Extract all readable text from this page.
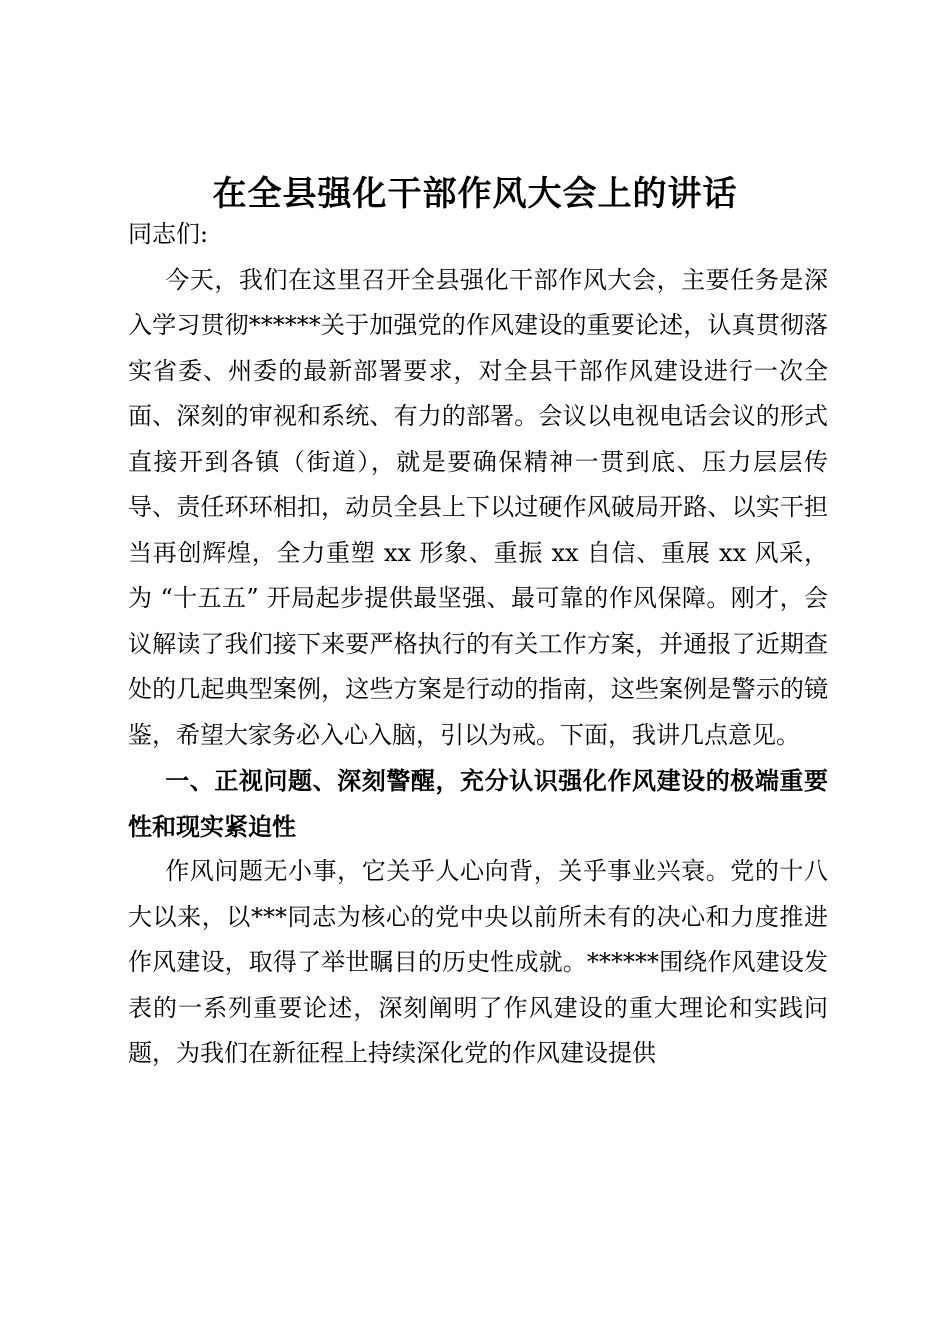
在全县强化干部作风大会上的讲话

同志们:

今天，我们在这里召开全县强化干部作风大会，主要任务是深入学习贯彻******关于加强党的作风建设的重要论述，认真贯彻落实省委、州委的最新部署要求，对全县干部作风建设进行一次全面、深刻的审视和系统、有力的部署。会议以电视电话会议的形式直接开到各镇（街道），就是要确保精神一贯到底、压力层层传导、责任环环相扣，动员全县上下以过硬作风破局开路、以实干担当再创辉煌，全力重塑 xx 形象、重振 xx 自信、重展 xx 风采，为 “十五五” 开局起步提供最坚强、最可靠的作风保障。刚才，会议解读了我们接下来要严格执行的有关工作方案，并通报了近期查处的几起典型案例，这些方案是行动的指南，这些案例是警示的镜鉴，希望大家务必入心入脑，引以为戒。下面，我讲几点意见。

一、正视问题、深刻警醒，充分认识强化作风建设的极端重要性和现实紧迫性

作风问题无小事，它关乎人心向背，关乎事业兴衰。党的十八大以来，以***同志为核心的党中央以前所未有的决心和力度推进作风建设，取得了举世瞩目的历史性成就。******围绕作风建设发表的一系列重要论述，深刻阐明了作风建设的重大理论和实践问题，为我们在新征程上持续深化党的作风建设提供
